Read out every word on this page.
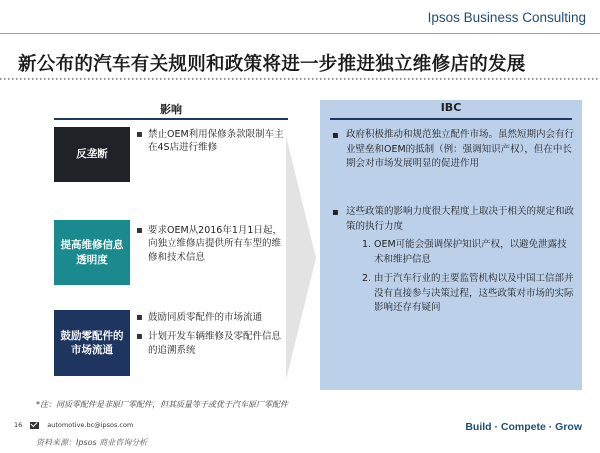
Ipsos Business Consulting
新公布的汽车有关规则和政策将进一步推进独立维修店的发展
影响
反垄断
▪ 禁止OEM利用保修条款限制车主在4S店进行维修
提高维修信息透明度
▪ 要求OEM从2016年1月1日起，向独立维修店提供所有车型的维修和技术信息
鼓励零配件的市场流通
▪ 鼓励同质零配件的市场流通
▪ 计划开发车辆维修及零配件信息的追溯系统
IBC
▪ 政府积极推动和规范独立配件市场。虽然短期内会有行业壁垒和OEM的抵制（例：强调知识产权），但在中长期会对市场发展明显的促进作用
▪ 这些政策的影响力度很大程度上取决于相关的规定和政策的执行力度
1. OEM可能会强调保护知识产权，以避免泄露技术和维护信息
2. 由于汽车行业的主要监管机构以及中国工信部并没有直接参与决策过程，这些政策对市场的实际影响还存有疑问
*注：同质零配件是非原厂零配件，但其质量等于或优于汽车原厂零配件
16	automotive.bc@ipsos.com
资料来源：Ipsos 商业咨询分析
Build · Compete · Grow
